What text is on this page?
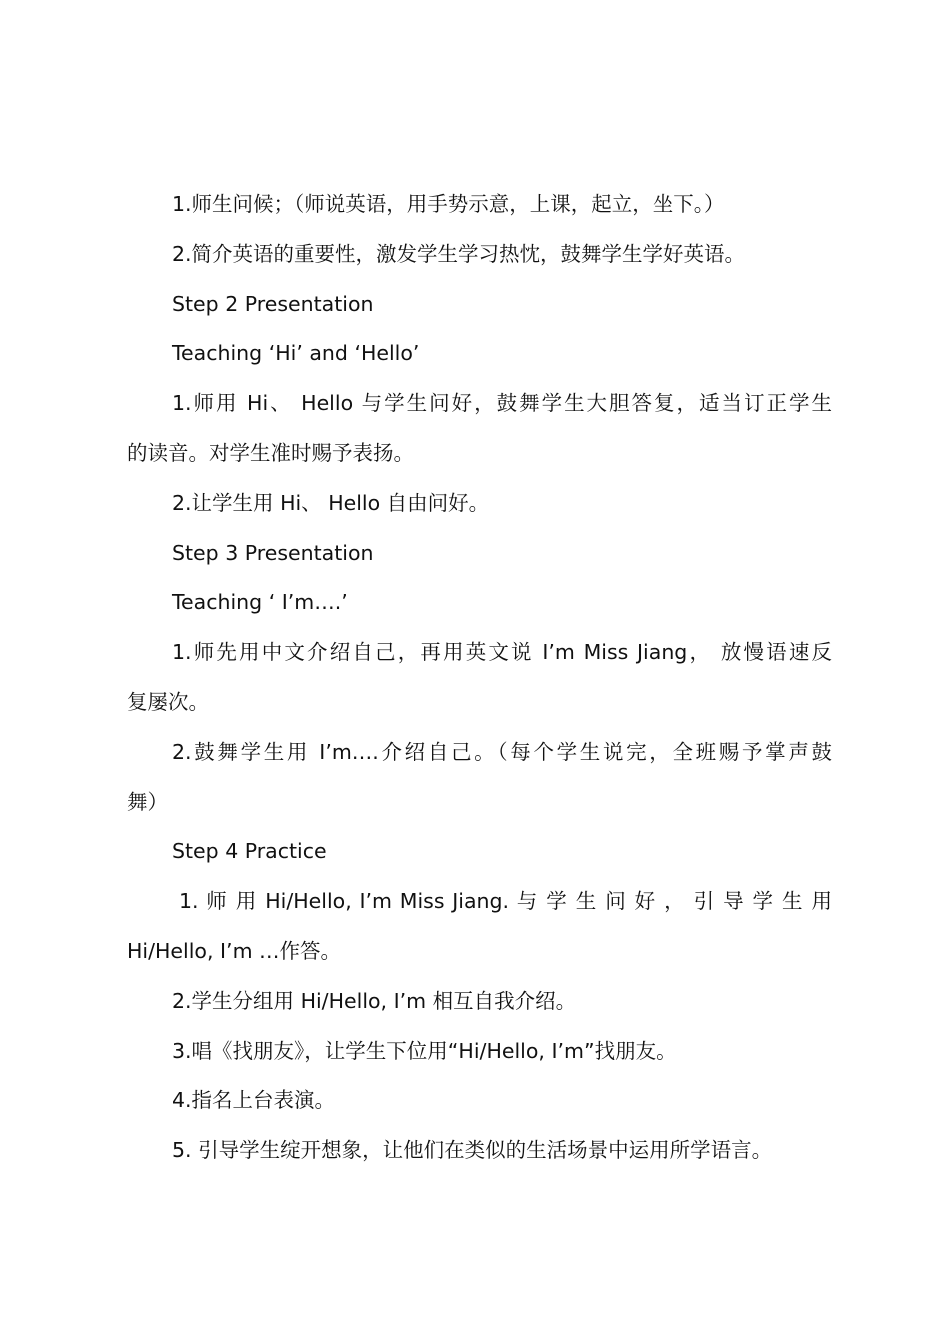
1.师生问候；（师说英语，用手势示意，上课，起立，坐下。）
2.简介英语的重要性，激发学生学习热忱，鼓舞学生学好英语。
Step 2 Presentation
Teaching ‘Hi’ and ‘Hello’
1.师用 Hi、 Hello 与学生问好，鼓舞学生大胆答复，适当订正学生
的读音。对学生准时赐予表扬。
2.让学生用 Hi、 Hello 自由问好。
Step 3 Presentation
Teaching ‘ I’m….’
1.师先用中文介绍自己，再用英文说 I’m Miss Jiang， 放慢语速反
复屡次。
2.鼓舞学生用 I’m….介绍自己。（每个学生说完，全班赐予掌声鼓
舞）
Step 4 Practice
1. 师 用 Hi/Hello, I’m Miss Jiang. 与 学 生 问 好 ， 引 导 学 生 用
Hi/Hello, I’m …作答。
2.学生分组用 Hi/Hello, I’m 相互自我介绍。
3.唱《找朋友》，让学生下位用“Hi/Hello, I’m”找朋友。
4.指名上台表演。
5. 引导学生绽开想象，让他们在类似的生活场景中运用所学语言。
